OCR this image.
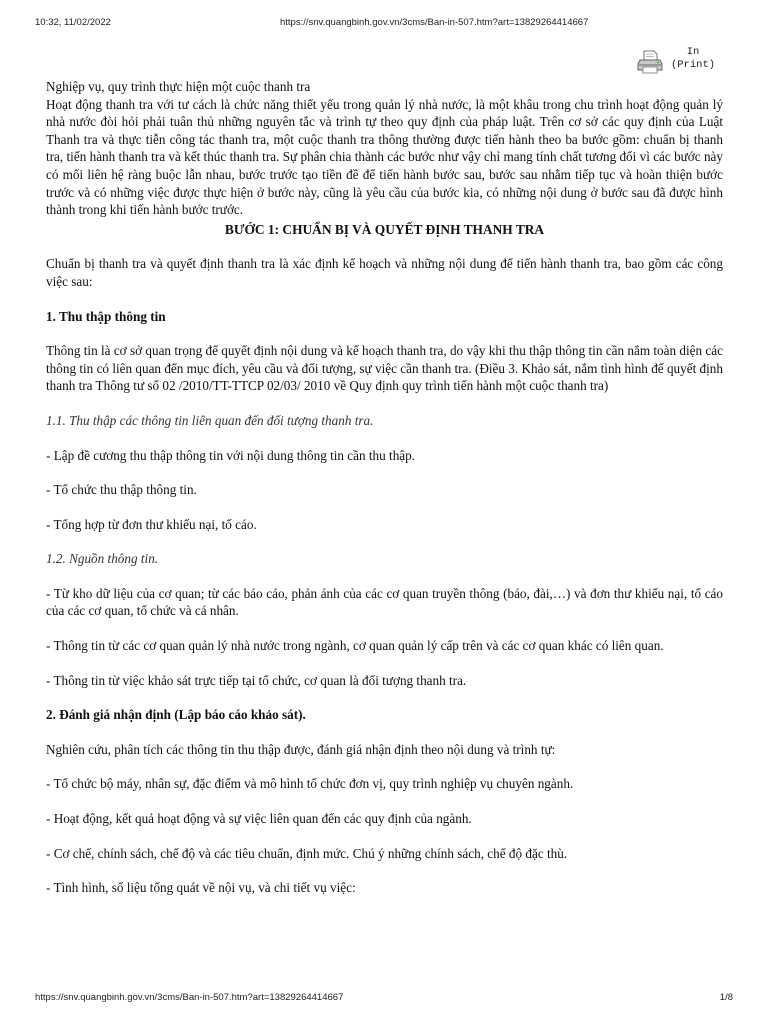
10:32, 11/02/2022	https://snv.quangbinh.gov.vn/3cms/Ban-in-507.htm?art=13829264414667
In
(Print)

Nghiệp vụ, quy trình thực hiện một cuộc thanh tra

Hoạt động thanh tra với tư cách là chức năng thiết yếu trong quản lý nhà nước, là một khâu trong chu trình hoạt động quản lý nhà nước đòi hỏi phải tuân thủ những nguyên tắc và trình tự theo quy định của pháp luật. Trên cơ sở các quy định của Luật Thanh tra và thực tiễn công tác thanh tra, một cuộc thanh tra thông thường được tiến hành theo ba bước gồm: chuẩn bị thanh tra, tiến hành thanh tra và kết thúc thanh tra. Sự phân chia thành các bước như vậy chỉ mang tính chất tương đối vì các bước này có mối liên hệ ràng buộc lẫn nhau, bước trước tạo tiền đề để tiến hành bước sau, bước sau nhằm tiếp tục và hoàn thiện bước trước và có những việc được thực hiện ở bước này, cũng là yêu cầu của bước kia, có những nội dung ở bước sau đã được hình thành trong khi tiến hành bước trước.

BƯỚC 1: CHUẨN BỊ VÀ QUYẾT ĐỊNH THANH TRA

Chuẩn bị thanh tra và quyết định thanh tra là xác định kế hoạch và những nội dung để tiến hành thanh tra, bao gồm các công việc sau:

1. Thu thập thông tin

Thông tin là cơ sở quan trọng để quyết định nội dung và kế hoạch thanh tra, do vậy khi thu thập thông tin cần nắm toàn diện các thông tin có liên quan đến mục đích, yêu cầu và đối tượng, sự việc cần thanh tra. (Điều 3. Khảo sát, nắm tình hình để quyết định thanh tra Thông tư số 02 /2010/TT-TTCP 02/03/ 2010 về Quy định quy trình tiến hành một cuộc thanh tra)

1.1. Thu thập các thông tin liên quan đến đối tượng thanh tra.

- Lập đề cương thu thập thông tin với nội dung thông tin cần thu thập.

- Tổ chức thu thập thông tin.

- Tổng hợp từ đơn thư khiếu nại, tố cáo.

1.2. Nguồn thông tin.

- Từ kho dữ liệu của cơ quan; từ các báo cáo, phản ánh của các cơ quan truyền thông (báo, đài,…) và đơn thư khiếu nại, tố cáo của các cơ quan, tổ chức và cá nhân.

- Thông tin từ các cơ quan quản lý nhà nước trong ngành, cơ quan quản lý cấp trên và các cơ quan khác có liên quan.

- Thông tin từ việc khảo sát trực tiếp tại tổ chức, cơ quan là đối tượng thanh tra.

2. Đánh giá nhận định (Lập báo cáo khảo sát).

Nghiên cứu, phân tích các thông tin thu thập được, đánh giá nhận định theo nội dung và trình tự:

- Tổ chức bộ máy, nhân sự, đặc điểm và mô hình tổ chức đơn vị, quy trình nghiệp vụ chuyên ngành.

- Hoạt động, kết quả hoạt động và sự việc liên quan đến các quy định của ngành.

- Cơ chế, chính sách, chế độ và các tiêu chuẩn, định mức. Chú ý những chính sách, chế độ đặc thù.

- Tình hình, số liệu tổng quát về nội vụ, và chi tiết vụ việc:

https://snv.quangbinh.gov.vn/3cms/Ban-in-507.htm?art=13829264414667	1/8
